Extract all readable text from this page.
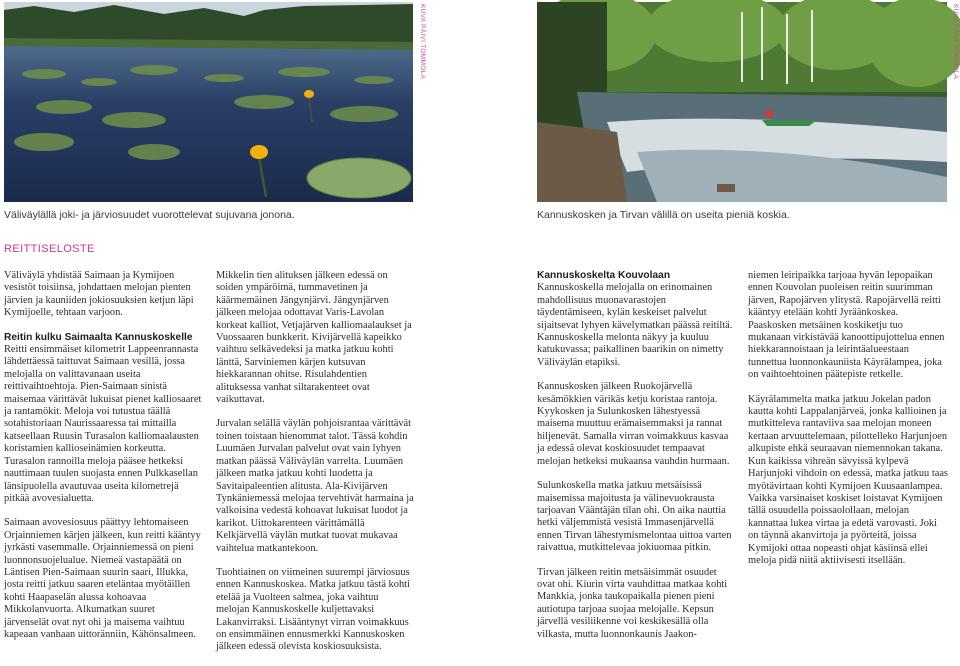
KUVA PÄIVI TOMMOLA	KUVA PÄIVI TOMMOLA
Väliväylällä joki- ja järviosuudet vuorottelevat sujuvana jonona.	Kannuskosken ja Tirvan välillä on useita pieniä koskia.
REITTISELOSTE

Väliväylä yhdistää Saimaan ja Kymijoen vesistöt toisiinsa, johdattaen melojan pienten järvien ja kauniiden jokiosuuksien ketjun läpi Kymijoelle, tehtaan varjoon.

Reitin kulku Saimaalta Kannuskoskelle

Reitti ensimmäiset kilometrit Lappeenrannasta lähdettäessä taittuvat Saimaan vesillä, jossa melojalla on valittavanaan useita reittivaihtoehtoja. Pien-Saimaan sinistä maisemaa värittävät lukuisat pienet kalliosaaret ja rantamökit. Meloja voi tutustua täällä sotahistoriaan Naurissaaressa tai mittailla katseellaan Ruusin Turasalon kalliomaalausten koristamien kallioseinämien korkeutta. Turasalon rannoilla meloja pääsee hetkeksi nauttimaan tuulen suojasta ennen Pulkkasellan länsipuolella avautuvaa useita kilometrejä pitkää avovesialuetta.

Saimaan avovesiosuus päättyy lehtomaiseen Orjainniemen kärjen jälkeen, kun reitti kääntyy jyrkästi vasemmalle. Orjainniemessä on pieni luonnonsuojelualue. Niemeä vastapäätä on Läntisen Pien-Saimaan suurin saari, Illukka, josta reitti jatkuu saaren eteläntaa myötäillen kohti Haapaselän alussa kohoavaa Mikkolanvuorta. Alkumatkan suuret järvenselät ovat nyt ohi ja maisema vaihtuu kapeaan vanhaan uittoränniin, Kähönsalmeen.

Mikkelin tien alituksen jälkeen edessä on soiden ympäröimä, tummavetinen ja käärmemäinen Jängynjärvi. Jängynjärven jälkeen melojaa odottavat Varis-Lavolan korkeat kalliot, Vetjajärven kalliomaalaukset ja Vuossaaren bunkkerit. Kivijärvellä kapeikko vaihtuu selkävedeksi ja matka jatkuu kohti länttä, Sarviniemen kärjen kutsuvan hiekkarannan ohitse. Risulahdentien alituksessa vanhat siltarakenteet ovat vaikuttavat.

Jurvalan selällä väylän pohjoisrantaa värittävät toinen toistaan hienommat talot. Tässä kohdin Luumäen Jurvalan palvelut ovat vain lyhyen matkan päässä Väliväylän varrelta. Luumäen jälkeen matka jatkuu kohti luodetta ja Savitaipaleentien alitusta. Ala-Kivijärven Tynkäniemessä melojaa tervehtivät harmaina ja valkoisina vedestä kohoavat lukuisat luodot ja karikot. Uittokarenteen värittämällä Kelkjärvellä väylän mutkat tuovat mukavaa vaihtelua matkantekoon.

Tuohtiainen on viimeinen suurempi järviosuus ennen Kannuskoskea. Matka jatkuu tästä kohti etelää ja Vuolteen salmea, joka vaihtuu melojan Kannuskoskelle kuljettavaksi Lakanvirraksi. Lisääntynyt virran voimakkuus on ensimmäinen ennusmerkki Kannuskosken jälkeen edessä olevista koskiosuuksista.

Kannuskoskelta Kouvolaan

Kannuskoskella melojalla on erinomainen mahdollisuus muonavarastojen täydentämiseen, kylän keskeiset palvelut sijaitsevat lyhyen kävelymatkan päässä reitiltä. Kannuskoskella melonta näkyy ja kuuluu katukuvassa; paikallinen baarikin on nimetty Väliväylän etapiksi.

Kannuskosken jälkeen Ruokojärvellä kesämökkien värikäs ketju koristaa rantoja. Kyykosken ja Sulunkosken lähestyessä maisema muuttuu erämaisemmaksi ja rannat hiljenevät. Samalla virran voimakkuus kasvaa ja edessä olevat koskiosuudet tempaavat melojan hetkeksi mukaansa vauhdin hurmaan.

Sulunkoskella matka jatkuu metsäisissä maisemissa majoitusta ja välinevuokrausta tarjoavan Vääntäjän tilan ohi. On aika nauttia hetki väljemmistä vesistä Immasenjärvellä ennen Tirvan lähestymismelontaa uittoa varten raivattua, mutkittelevaa jokiuomaa pitkin.

Tirvan jälkeen reitin metsäisimmät osuudet ovat ohi. Kiurin virta vauhdittaa matkaa kohti Mankkia, jonka taukopaikalla pienen pieni autiotupa tarjoaa suojaa melojalle. Kepsun järvellä vesiliikenne voi keskikesällä olla vilkasta, mutta luonnonkaunis Jaakon-

niemen leiripaikka tarjoaa hyvän lepopaikan ennen Kouvolan puoleisen reitin suurimman järven, Rapojärven ylitystä. Rapojärvellä reitti kääntyy etelään kohti Jyräänkoskea. Paaskosken metsäinen koskiketju tuo mukanaan virkistävää kanoottipujottelua ennen hiekkarannoistaan ja leirintäalueestaan tunnettua luonnonkauniista Käyrälampea, joka on vaihtoehtoinen päätepiste retkelle.

Käyrälammelta matka jatkuu Jokelan padon kautta kohti Lappalanjärveä, jonka kallioinen ja mutkitteleva rantaviiva saa melojan moneen kertaan arvuuttelemaan, pilottelleko Harjunjoen alkupiste ehkä seuraavan niemennokan takana. Kun kaikissa vihreän sävyissä kylpevä Harjunjoki vihdoin on edessä, matka jatkuu taas myötävirtaan kohti Kymijoen Kuusaanlampea. Vaikka varsinaiset koskiset loistavat Kymijoen tällä osuudella poissaolollaan, melojan kannattaa lukea virtaa ja edetä varovasti. Joki on täynnä akanvirtoja ja pyörteitä, joissa Kymijoki ottaa nopeasti ohjat käsiinsä ellei meloja pidä niitä aktiivisesti itsellään.
